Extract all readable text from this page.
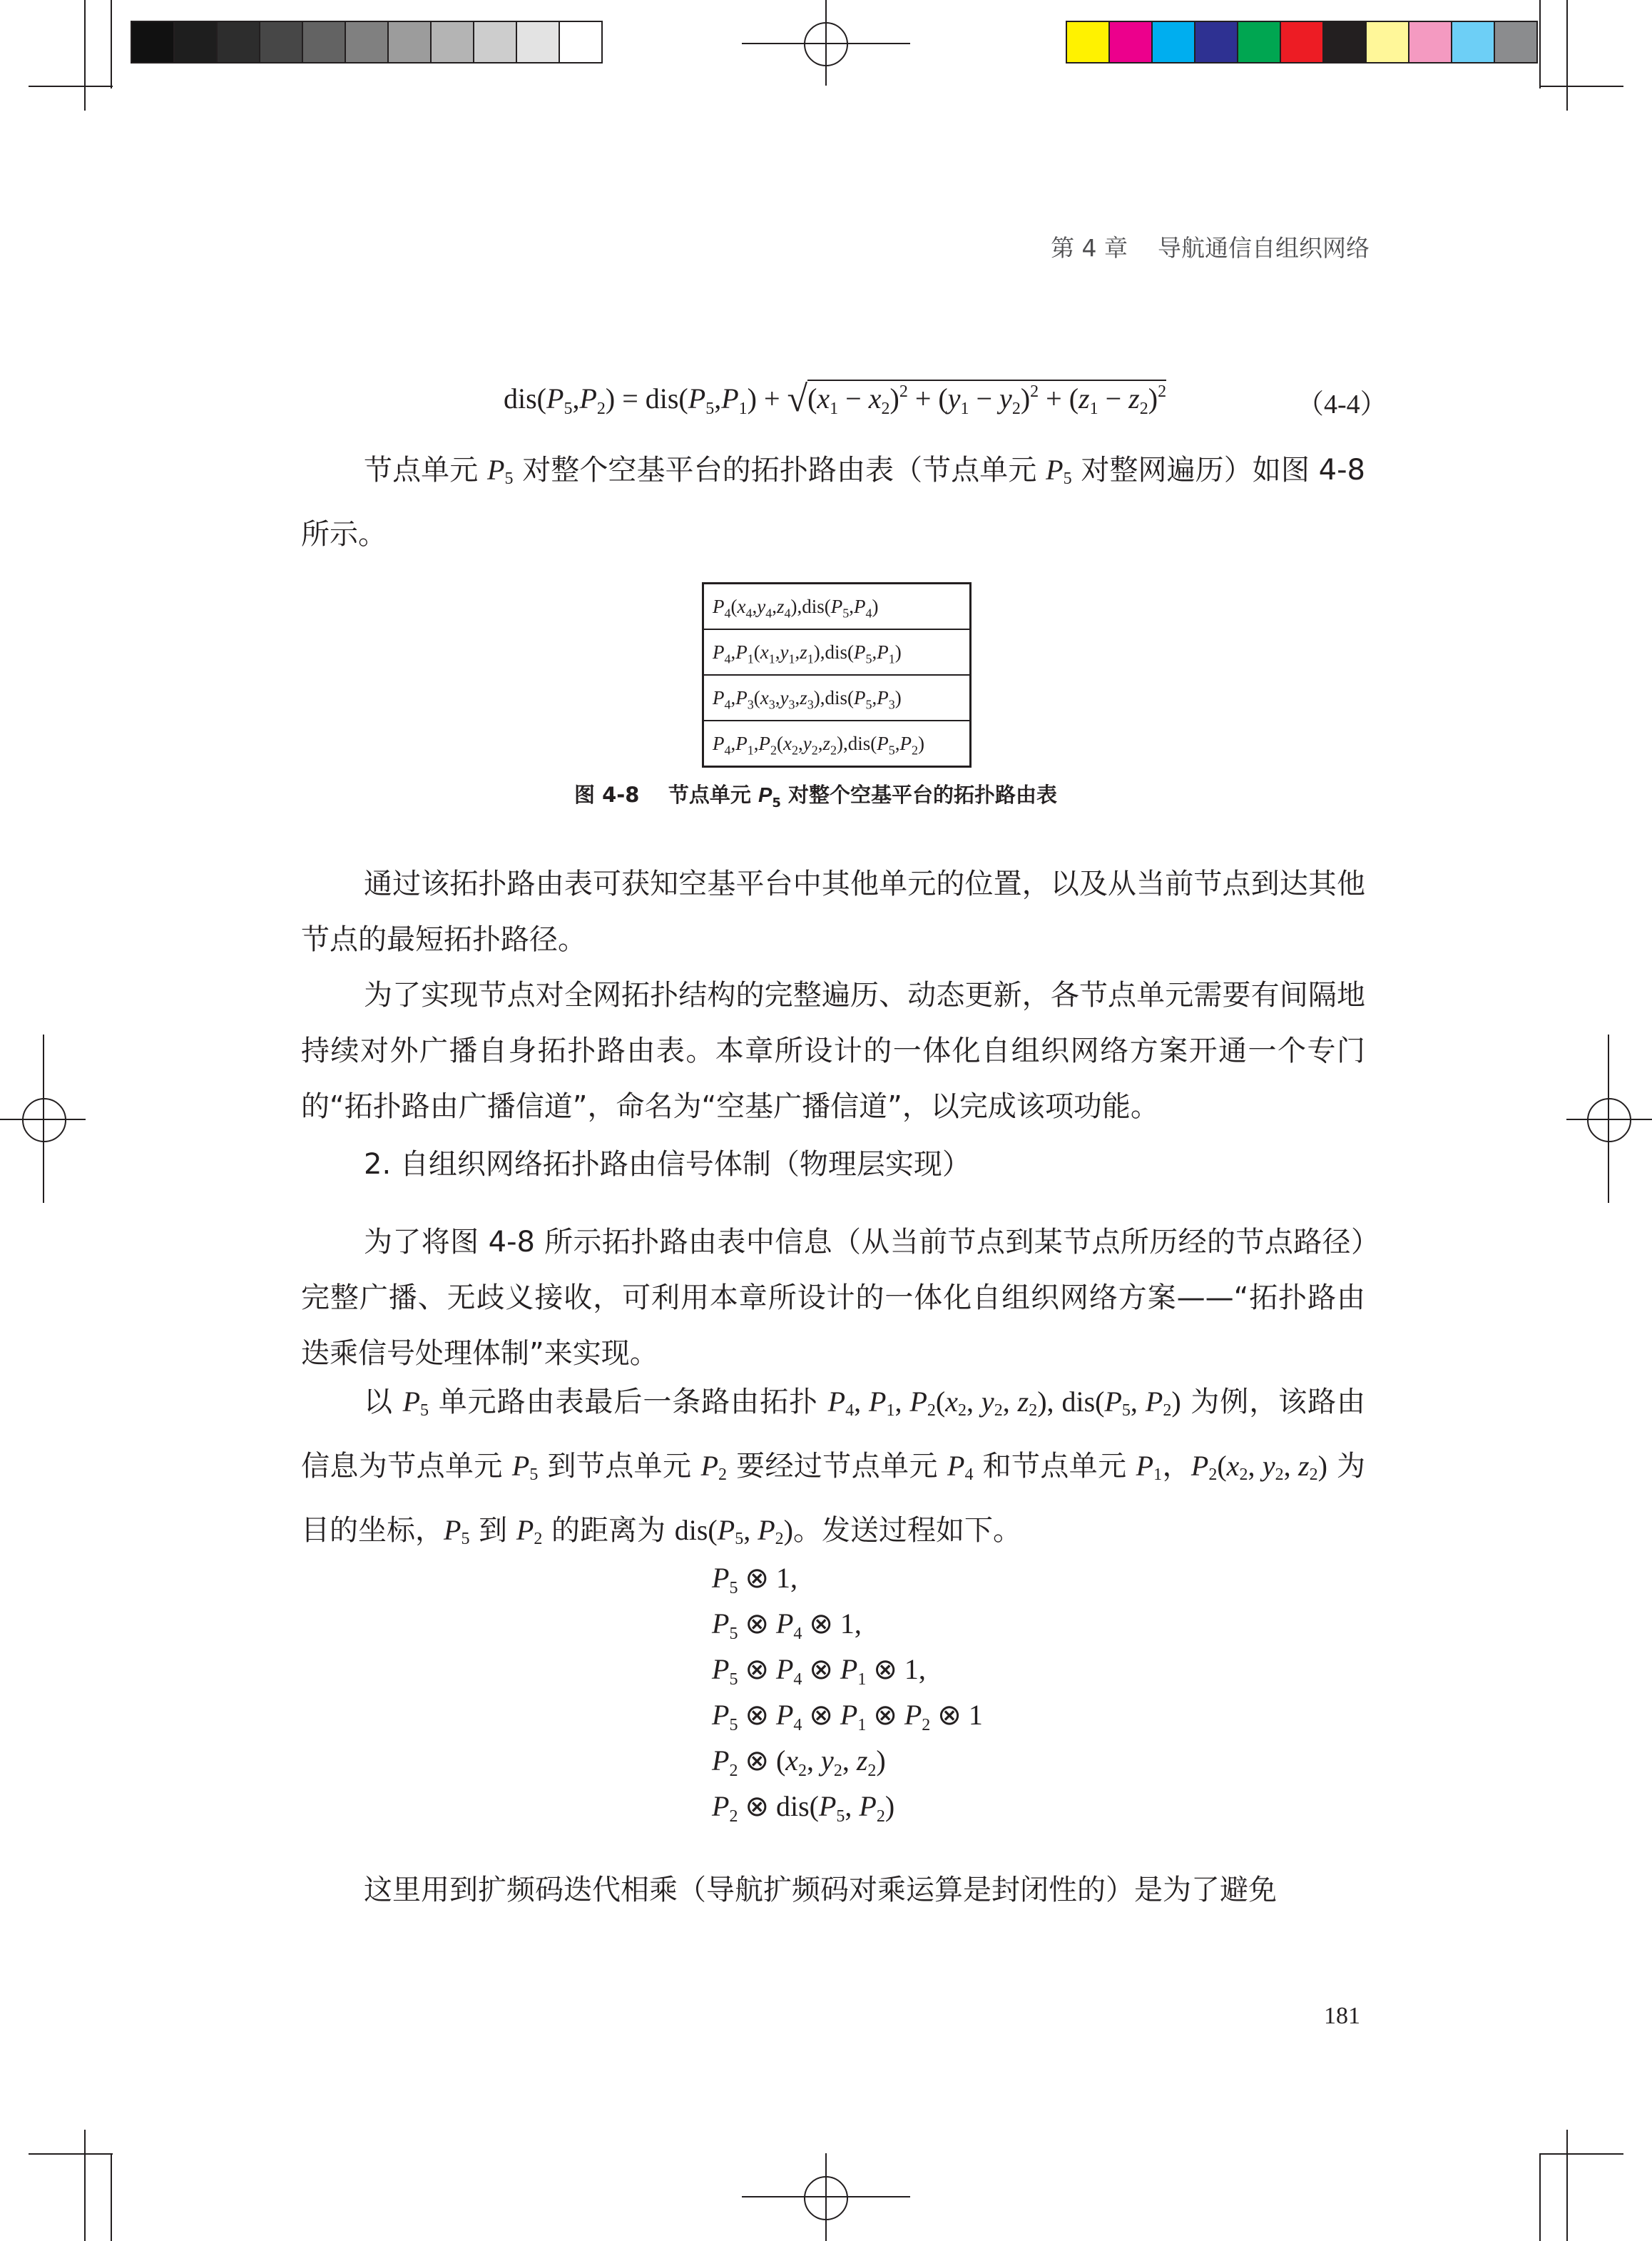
第 4 章    导航通信自组织网络
$dis(P_5,P_2) = dis(P_5,P_1) + √(x_1 - x_2)^2 + (y_1 - y_2)^2 + (z_1 - z_2)^2$	（4-4）
节点单元 $P_5$ 对整个空基平台的拓扑路由表（节点单元 $P_5$ 对整网遍历）如图 4-8 所示。
$P_4(x_4,y_4,z_4),dis(P_5,P_4)$
$P_4,P_1(x_1,y_1,z_1),dis(P_5,P_1)$
$P_4,P_3(x_3,y_3,z_3),dis(P_5,P_3)$
$P_4,P_1,P_2(x_2,y_2,z_2),dis(P_5,P_2)$
图 4-8 节点单元 $P_5$ 对整个空基平台的拓扑路由表
通过该拓扑路由表可获知空基平台中其他单元的位置，以及从当前节点到达其他节点的最短拓扑路径。
为了实现节点对全网拓扑结构的完整遍历、动态更新，各节点单元需要有间隔地持续对外广播自身拓扑路由表。本章所设计的一体化自组织网络方案开通一个专门的“拓扑路由广播信道”，命名为“空基广播信道”，以完成该项功能。
2. 自组织网络拓扑路由信号体制（物理层实现）
为了将图 4-8 所示拓扑路由表中信息（从当前节点到某节点所历经的节点路径）完整广播、无歧义接收，可利用本章所设计的一体化自组织网络方案——“拓扑路由迭乘信号处理体制”来实现。
以 $P_5$ 单元路由表最后一条路由拓扑 $P_4$, $P_1$, $P_2(x_2$, $y_2$, $z_2$), $dis(P_5$, $P_2$) 为例，该路由信息为节点单元 $P_5$ 到节点单元 $P_2$ 要经过节点单元 $P_4$ 和节点单元 $P_1$，$P_2(x_2$, $y_2$, $z_2$) 为目的坐标，$P_5$ 到 $P_2$ 的距离为 $dis(P_5$, $P_2$)。发送过程如下。
$P_5$ ⊗ 1,
$P_5$ ⊗ $P_4$ ⊗ 1,
$P_5$ ⊗ $P_4$ ⊗ $P_1$ ⊗ 1,
$P_5$ ⊗ $P_4$ ⊗ $P_1$ ⊗ $P_2$ ⊗ 1
$P_2$ ⊗ ($x_2$, $y_2$, $z_2$)
$P_2$ ⊗ $dis(P_5$, $P_2$)
这里用到扩频码迭代相乘（导航扩频码对乘运算是封闭性的）是为了避免
181
